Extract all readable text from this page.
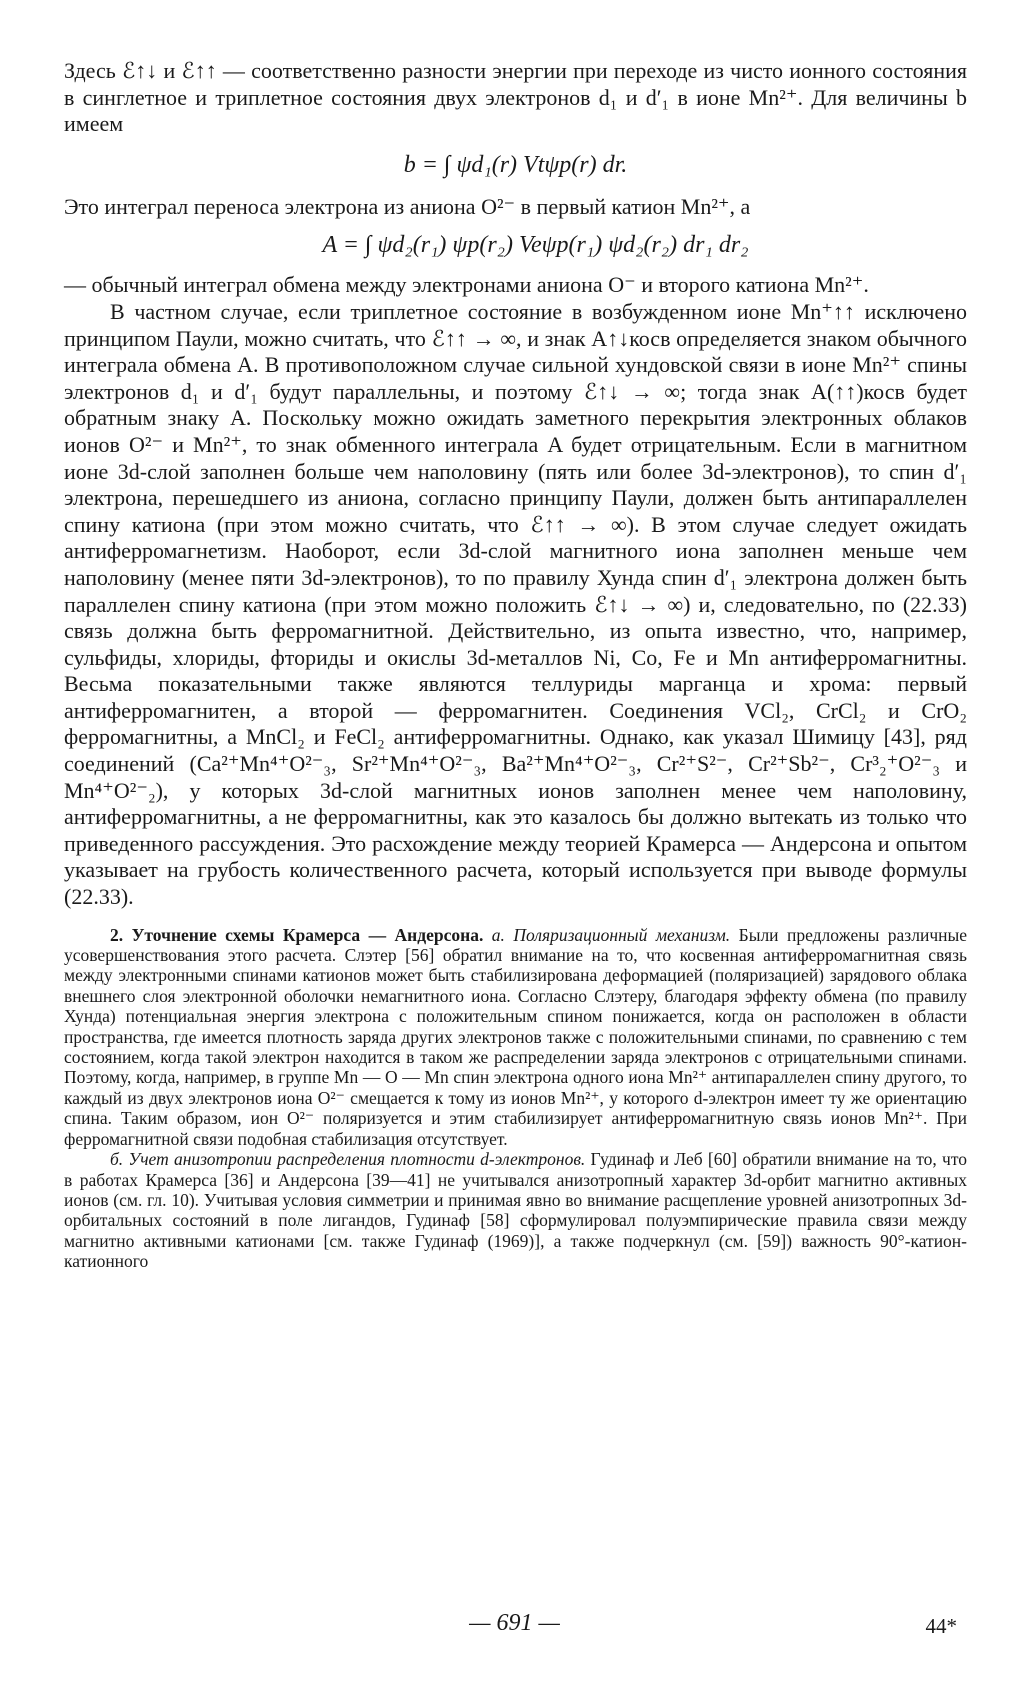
Здесь ℰ↑↓ и ℰ↑↑ — соответственно разности энергии при переходе из чисто ионного состояния в синглетное и триплетное состояния двух электронов d₁ и d′₁ в ионе Mn²⁺. Для величины b имеем

b = ∫ ψd₁(r) Vtψp(r) dr.

Это интеграл переноса электрона из аниона O²⁻ в первый катион Mn²⁺, а

A = ∫ ψd₂(r₁) ψp(r₂) Veψp(r₁) ψd₂(r₂) dr₁ dr₂

— обычный интеграл обмена между электронами аниона O⁻ и второго катиона Mn²⁺.

В частном случае, если триплетное состояние в возбужденном ионе Mn⁺↑↑ исключено принципом Паули, можно считать, что ℰ↑↑ → ∞, и знак A↑↓косв определяется знаком обычного интеграла обмена A. В противоположном случае сильной хундовской связи в ионе Mn²⁺ спины электронов d₁ и d′₁ будут параллельны, и поэтому ℰ↑↓ → ∞; тогда знак A(↑↑)косв будет обратным знаку A. Поскольку можно ожидать заметного перекрытия электронных облаков ионов O²⁻ и Mn²⁺, то знак обменного интеграла A будет отрицательным. Если в магнитном ионе 3d-слой заполнен больше чем наполовину (пять или более 3d-электронов), то спин d′₁ электрона, перешедшего из аниона, согласно принципу Паули, должен быть антипараллелен спину катиона (при этом можно считать, что ℰ↑↑ → ∞). В этом случае следует ожидать антиферромагнетизм. Наоборот, если 3d-слой магнитного иона заполнен меньше чем наполовину (менее пяти 3d-электронов), то по правилу Хунда спин d′₁ электрона должен быть параллелен спину катиона (при этом можно положить ℰ↑↓ → ∞) и, следовательно, по (22.33) связь должна быть ферромагнитной. Действительно, из опыта известно, что, например, сульфиды, хлориды, фториды и окислы 3d-металлов Ni, Co, Fe и Mn антиферромагнитны. Весьма показательными также являются теллуриды марганца и хрома: первый антиферромагнитен, а второй — ферромагнитен. Соединения VCl₂, CrCl₂ и CrO₂ ферромагнитны, а MnCl₂ и FeCl₂ антиферромагнитны. Однако, как указал Шимицу [43], ряд соединений (Ca²⁺Mn⁴⁺O²⁻₃, Sr²⁺Mn⁴⁺O²⁻₃, Ba²⁺Mn⁴⁺O²⁻₃, Cr²⁺S²⁻, Cr²⁺Sb²⁻, Cr³₂⁺O²⁻₃ и Mn⁴⁺O²⁻₂), у которых 3d-слой магнитных ионов заполнен менее чем наполовину, антиферромагнитны, а не ферромагнитны, как это казалось бы должно вытекать из только что приведенного рассуждения. Это расхождение между теорией Крамерса — Андерсона и опытом указывает на грубость количественного расчета, который используется при выводе формулы (22.33).

2. Уточнение схемы Крамерса — Андерсона. а. Поляризационный механизм. Были предложены различные усовершенствования этого расчета. Слэтер [56] обратил внимание на то, что косвенная антиферромагнитная связь между электронными спинами катионов может быть стабилизирована деформацией (поляризацией) зарядового облака внешнего слоя электронной оболочки немагнитного иона. Согласно Слэтеру, благодаря эффекту обмена (по правилу Хунда) потенциальная энергия электрона с положительным спином понижается, когда он расположен в области пространства, где имеется плотность заряда других электронов также с положительными спинами, по сравнению с тем состоянием, когда такой электрон находится в таком же распределении заряда электронов с отрицательными спинами. Поэтому, когда, например, в группе Mn — O — Mn спин электрона одного иона Mn²⁺ антипараллелен спину другого, то каждый из двух электронов иона O²⁻ смещается к тому из ионов Mn²⁺, у которого d-электрон имеет ту же ориентацию спина. Таким образом, ион O²⁻ поляризуется и этим стабилизирует антиферромагнитную связь ионов Mn²⁺. При ферромагнитной связи подобная стабилизация отсутствует.

б. Учет анизотропии распределения плотности d-электронов. Гудинаф и Леб [60] обратили внимание на то, что в работах Крамерса [36] и Андерсона [39—41] не учитывался анизотропный характер 3d-орбит магнитно активных ионов (см. гл. 10). Учитывая условия симметрии и принимая явно во внимание расщепление уровней анизотропных 3d-орбитальных состояний в поле лигандов, Гудинаф [58] сформулировал полуэмпирические правила связи между магнитно активными катионами [см. также Гудинаф (1969)], а также подчеркнул (см. [59]) важность 90°-катион-катионного

— 691 —	44*
